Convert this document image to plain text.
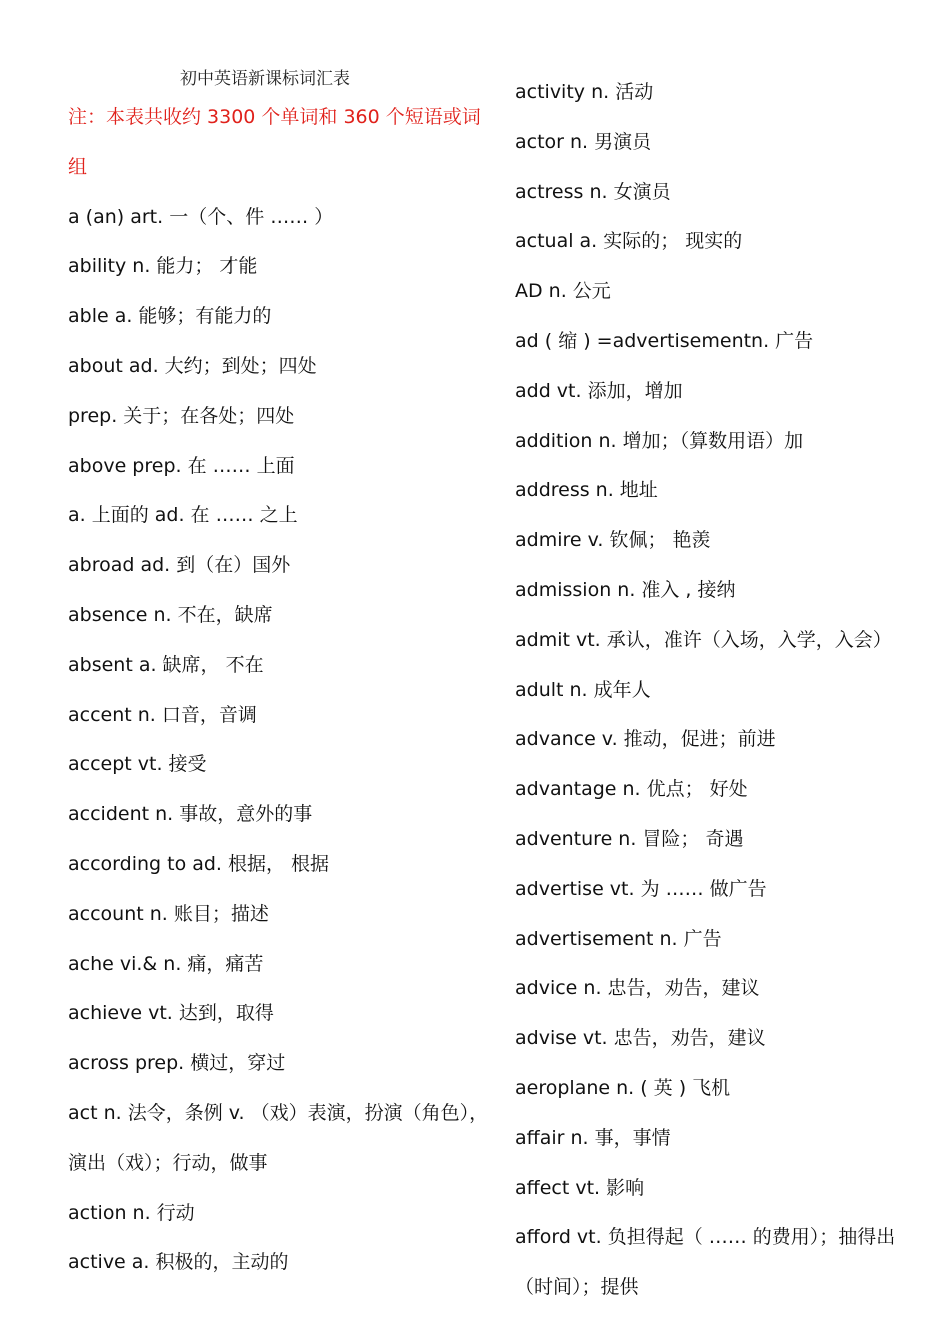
初中英语新课标词汇表
注：本表共收约 3300 个单词和 360 个短语或词
组
a (an) art. 一（个、件 …… ）
ability n. 能力； 才能
able a. 能够；有能力的
about ad. 大约；到处；四处
prep. 关于；在各处；四处
above prep. 在 …… 上面
a. 上面的 ad. 在 …… 之上
abroad ad. 到（在）国外
absence n. 不在，缺席
absent a. 缺席， 不在
accent n. 口音，音调
accept vt. 接受
accident n. 事故，意外的事
according to ad. 根据， 根据
account n. 账目；描述
ache vi.& n. 痛，痛苦
achieve vt. 达到，取得
across prep. 横过，穿过
act n. 法令，条例 v. （戏）表演，扮演（角色），
演出（戏）；行动，做事
action n. 行动
active a. 积极的，主动的
activity n. 活动
actor n. 男演员
actress n. 女演员
actual a. 实际的； 现实的
AD n. 公元
ad ( 缩 ) =advertisementn. 广告
add vt. 添加，增加
addition n. 增加；（算数用语）加
address n. 地址
admire v. 钦佩； 艳羡
admission n. 准入 , 接纳
admit vt. 承认，准许（入场，入学，入会）
adult n. 成年人
advance v. 推动，促进；前进
advantage n. 优点； 好处
adventure n. 冒险； 奇遇
advertise vt. 为 …… 做广告
advertisement n. 广告
advice n. 忠告，劝告，建议
advise vt. 忠告，劝告，建议
aeroplane n. ( 英 ) 飞机
affair n. 事，事情
affect vt. 影响
afford vt. 负担得起（ …… 的费用）；抽得出
（时间）；提供
